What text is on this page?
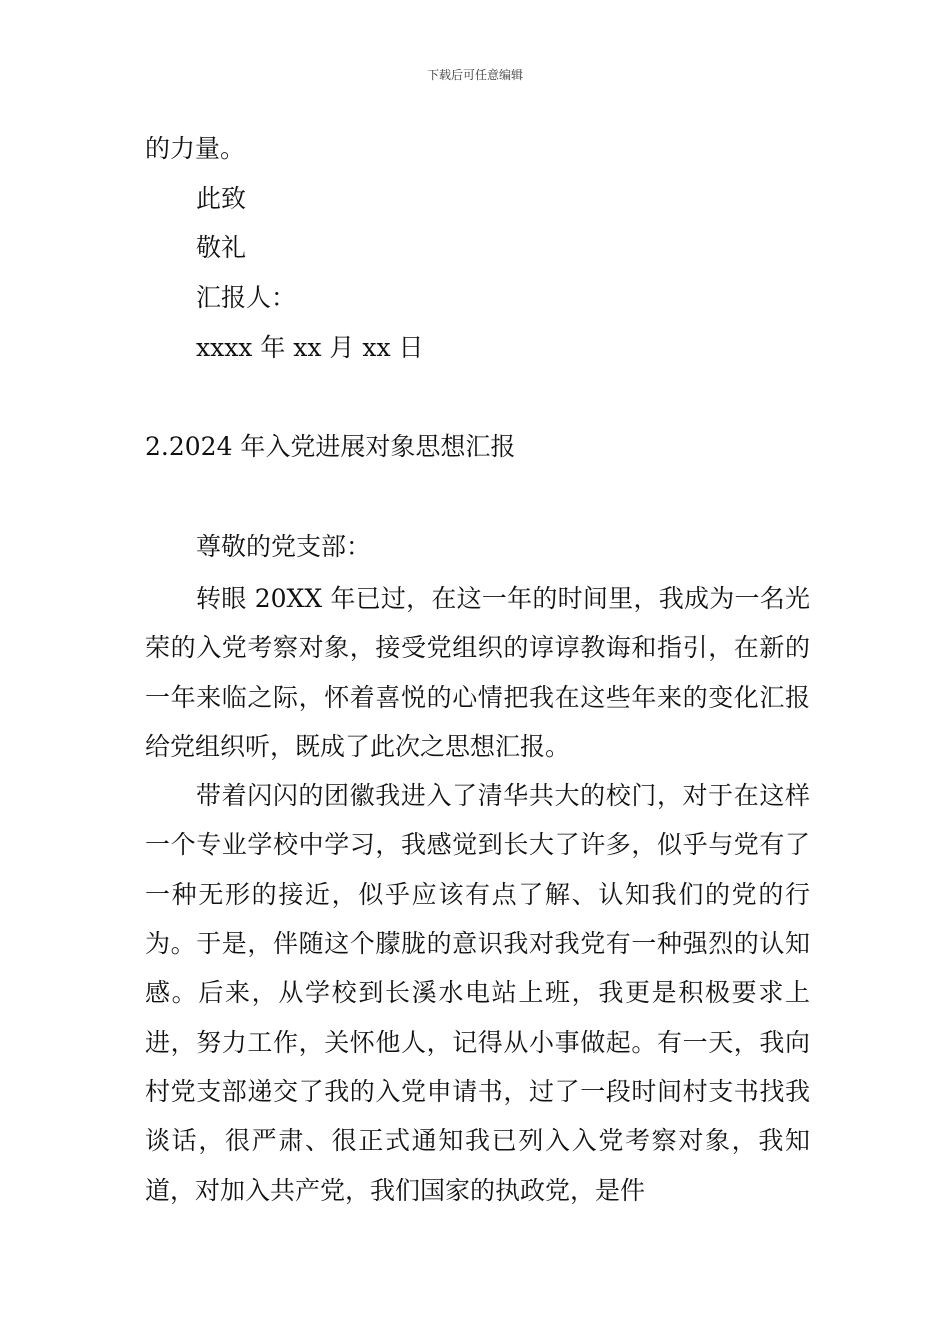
下载后可任意编辑
的力量。
此致
敬礼
汇报人：
xxxx 年 xx 月 xx 日
2.2024 年入党进展对象思想汇报
尊敬的党支部：

转眼 20XX 年已过，在这一年的时间里，我成为一名光荣的入党考察对象，接受党组织的谆谆教诲和指引，在新的一年来临之际，怀着喜悦的心情把我在这些年来的变化汇报给党组织听，既成了此次之思想汇报。

带着闪闪的团徽我进入了清华共大的校门，对于在这样一个专业学校中学习，我感觉到长大了许多，似乎与党有了一种无形的接近，似乎应该有点了解、认知我们的党的行为。于是，伴随这个朦胧的意识我对我党有一种强烈的认知感。后来，从学校到长溪水电站上班，我更是积极要求上进，努力工作，关怀他人，记得从小事做起。有一天，我向村党支部递交了我的入党申请书，过了一段时间村支书找我谈话，很严肃、很正式通知我已列入入党考察对象，我知道，对加入共产党，我们国家的执政党，是件
